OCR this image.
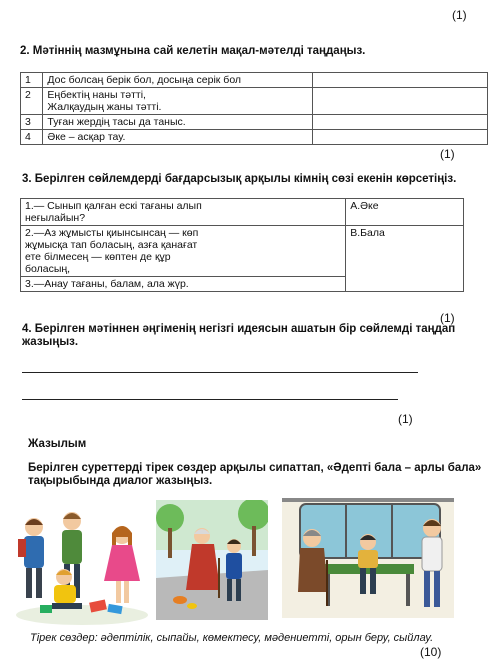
(1)
2. Мәтіннің мазмұнына сай келетін мақал-мәтелді таңдаңыз.
1	Дос болсаң берік бол, досыңа серік бол	
2	Еңбектің наны тәтті,
Жалқаудың жаны тәтті.	
3	Туған жердің тасы да таныс.	
4	Әке – асқар тау.	
(1)
3. Берілген сөйлемдерді бағдарсызық арқылы кімнің сөзі екенін көрсетіңіз.
1.— Сынып қалған ескі тағаны алып
неғылайын?	А.Әке
2.—Аз жұмысты қиынсынсаң — көп
жұмысқа тап боласың, азға қанағат
ете білмесең — көптен де құр
боласың,	В.Бала
3.—Анау тағаны, балам, ала жүр.	
(1)
4. Берілген мәтіннен әңгіменің негізгі идеясын ашатын бір сөйлемді таңдап
жазыңыз.
(1)
Жазылым
Берілген суреттерді тірек сөздер арқылы сипаттап, «Әдепті бала – арлы бала»
тақырыбында диалог жазыңыз.
Тірек сөздер: әдептілік, сыпайы, көмектесу, мәдениетті, орын беру, сыйлау.
(10)
